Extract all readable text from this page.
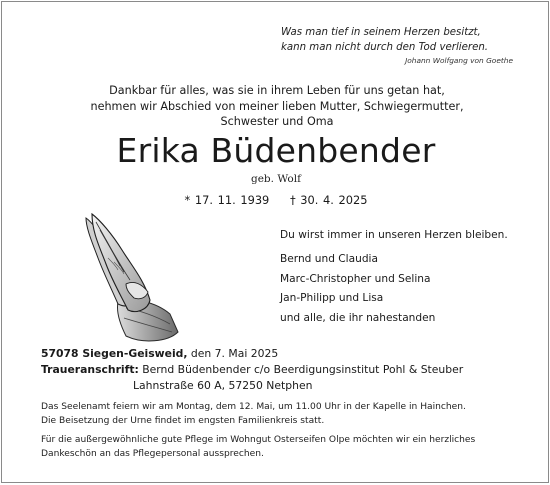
Was man tief in seinem Herzen besitzt,
kann man nicht durch den Tod verlieren.
Johann Wolfgang von Goethe
Dankbar für alles, was sie in ihrem Leben für uns getan hat,
nehmen wir Abschied von meiner lieben Mutter, Schwiegermutter,
Schwester und Oma
Erika Büdenbender
geb. Wolf
* 17. 11. 1939 † 30. 4. 2025
Du wirst immer in unseren Herzen bleiben.
Bernd und Claudia
Marc-Christopher und Selina
Jan-Philipp und Lisa
und alle, die ihr nahestanden
57078 Siegen-Geisweid, den 7. Mai 2025
Traueranschrift: Bernd Büdenbender c/o Beerdigungsinstitut Pohl & Steuber
Lahnstraße 60 A, 57250 Netphen

Das Seelenamt feiern wir am Montag, dem 12. Mai, um 11.00 Uhr in der Kapelle in Hainchen.
Die Beisetzung der Urne findet im engsten Familienkreis statt.

Für die außergewöhnliche gute Pflege im Wohngut Osterseifen Olpe möchten wir ein herzliches
Dankeschön an das Pflegepersonal aussprechen.
